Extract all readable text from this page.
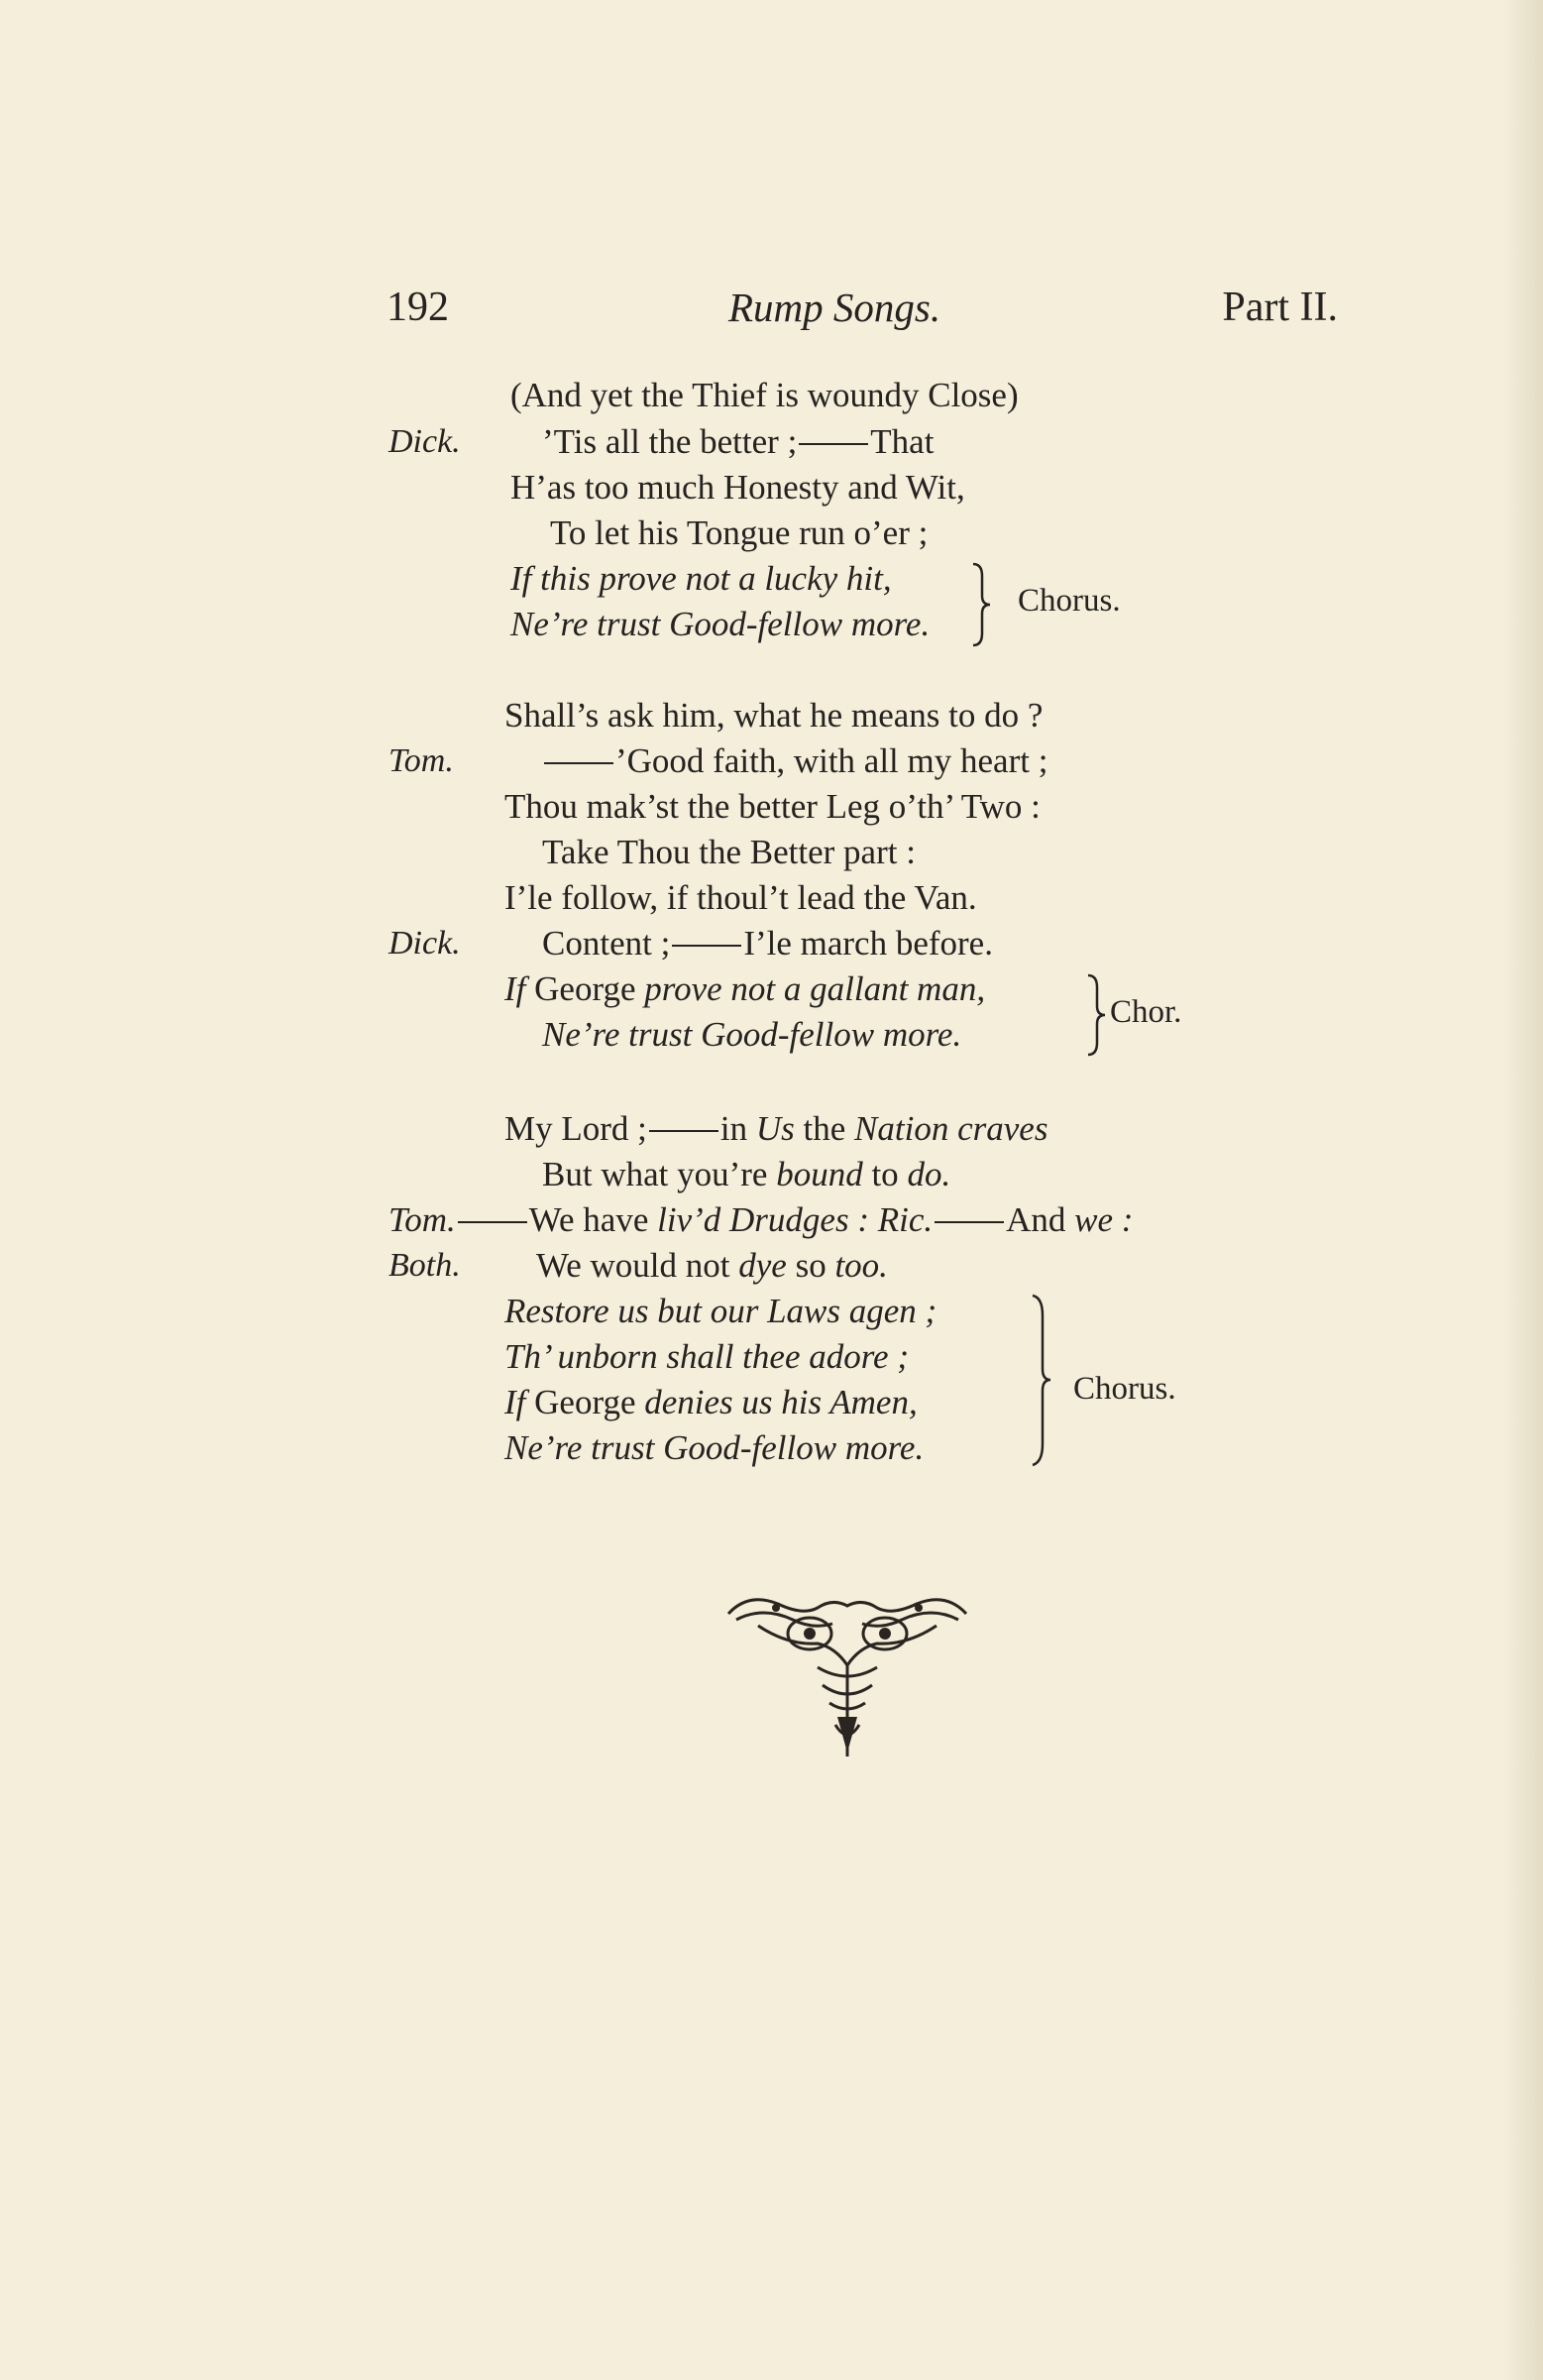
192	Rump Songs.	Part II.
(And yet the Thief is woundy Close)
Dick. ’Tis all the better ; That
H’as too much Honesty and Wit,
To let his Tongue run o’er ;
If this prove not a lucky hit,
Ne’re trust Good-fellow more.
Chorus.
Shall’s ask him, what he means to do ?
Tom.	’Good faith, with all my heart ;
Thou mak’st the better Leg o’th’ Two :
Take Thou the Better part :
I’le follow, if thoul’t lead the Van.
Dick. Content ; I’le march before.
If George prove not a gallant man,
Ne’re trust Good-fellow more.
Chor.
My Lord ; in Us the Nation craves
But what you’re bound to do.
Tom. We have liv’d Drudges : Ric. And we :
Both. We would not dye so too.
Restore us but our Laws agen ;
Th’ unborn shall thee adore ;
If George denies us his Amen,
Ne’re trust Good-fellow more.
Chorus.
